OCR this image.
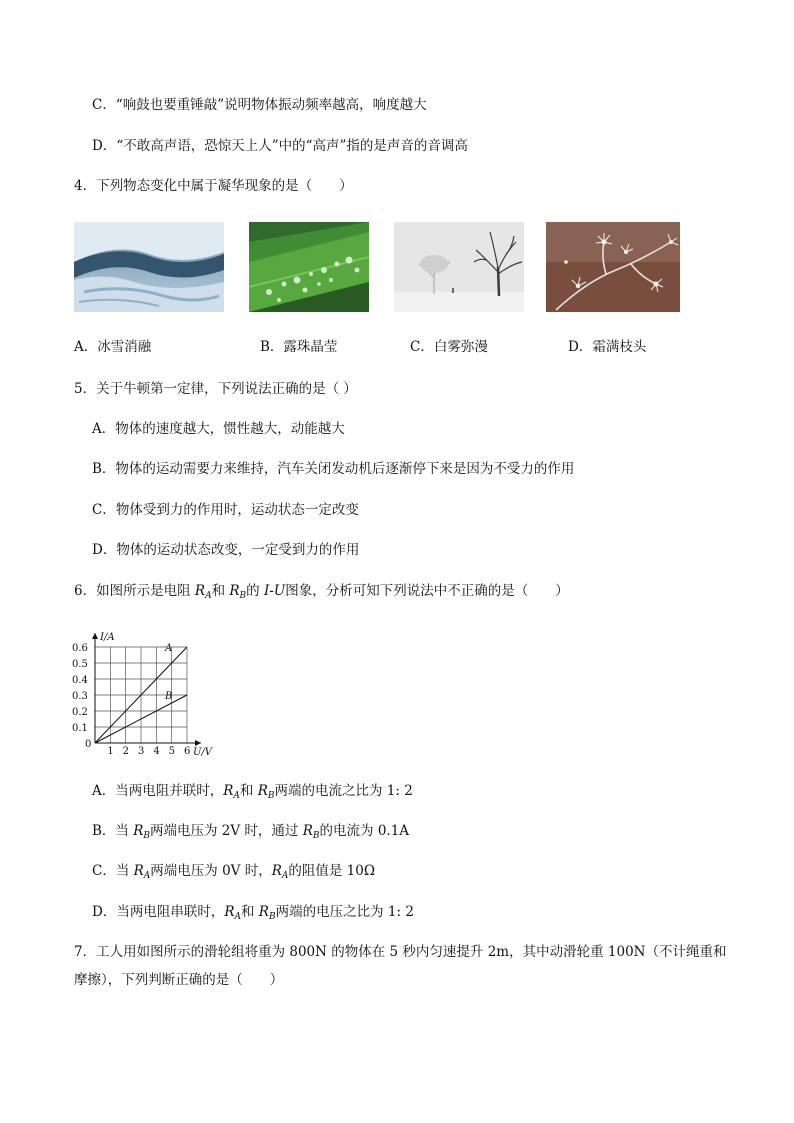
C．“响鼓也要重锤敲”说明物体振动频率越高，响度越大
D．“不敢高声语，恐惊天上人”中的“高声”指的是声音的音调高
4．下列物态变化中属于凝华现象的是（　　）
A．冰雪消融	B．露珠晶莹	C．白雾弥漫	D．霜满枝头
5．关于牛顿第一定律，下列说法正确的是（ ）
A．物体的速度越大，惯性越大，动能越大
B．物体的运动需要力来维持，汽车关闭发动机后逐渐停下来是因为不受力的作用
C．物体受到力的作用时，运动状态一定改变
D．物体的运动状态改变，一定受到力的作用
6．如图所示是电阻 $R_A$和 $R_B$的 I-U图象，分析可知下列说法中不正确的是（　　）
A
B
1 2 3 4 5 6
0.1
0.2
0.3
0.4
0.5
0.6
0
U/V
I/A
A．当两电阻并联时，$R_A$和 $R_B$两端的电流之比为 1: 2
B．当 $R_B$两端电压为 2V 时，通过 $R_B$的电流为 0.1A
C．当 $R_A$两端电压为 0V 时，$R_A$的阻值是 10Ω
D．当两电阻串联时，$R_A$和 $R_B$两端的电压之比为 1: 2
7．工人用如图所示的滑轮组将重为 800N 的物体在 5 秒内匀速提升 2m，其中动滑轮重 100N（不计绳重和
摩擦），下列判断正确的是（　　）
